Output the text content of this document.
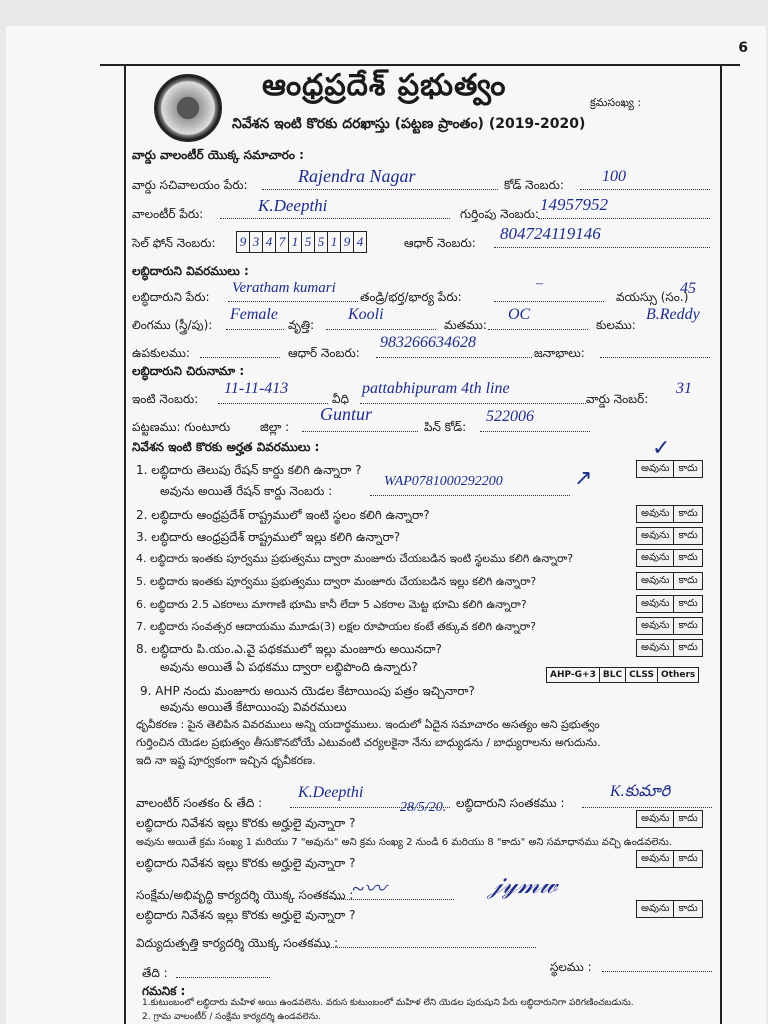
6
ఆంధ్రప్రదేశ్ ప్రభుత్వం	క్రమసంఖ్య :
నివేశన ఇంటి కొరకు దరఖాస్తు (పట్టణ ప్రాంతం) (2019-2020)
వార్డు వాలంటీర్ యొక్క సమాచారం :
వార్డు సచివాలయం పేరు:	Rajendra Nagar	కోడ్ నెంబరు: 100
వాలంటీర్ పేరు:	K.Deepthi	గుర్తింపు నెంబరు: 14957952
సెల్ ఫోన్ నెంబరు: 9 3 4 7 1 5 5 1 9 4	ఆధార్ నెంబరు: 804724119146
లబ్ధిదారుని వివరములు :
లబ్ధిదారుని పేరు:
Veratham kumari
తండ్రి/భర్త/భార్య పేరు:
–
వయస్సు (సం.)
45
లింగము (స్త్రీ/పు):
Female
వృత్తి:
Kooli
మతము:
OC
కులము:
B.Reddy
ఉపకులము:	ఆధార్ నెంబరు:
983266634628
జనాభాలు:
లబ్ధిదారుని చిరునామా :
ఇంటి నెంబరు:
11-11-413
వీధి
pattabhipuram 4th line
వార్డు నెంబర్:
31
పట్టణము: గుంటూరు జిల్లా :
Guntur
పిన్ కోడ్:
522006
నివేశన ఇంటి కొరకు అర్హత వివరములు :
1. లబ్ధిదారు తెలుపు రేషన్ కార్డు కలిగి ఉన్నారా ?	అవును కాదు
✓
అవును అయితే రేషన్ కార్డు నెంబరు :
WAP0781000292200	↗
2. లబ్ధిదారు ఆంధ్రప్రదేశ్ రాష్ట్రములో ఇంటి స్థలం కలిగి ఉన్నారా?	అవును కాదు
3. లబ్ధిదారు ఆంధ్రప్రదేశ్ రాష్ట్రములో ఇల్లు కలిగి ఉన్నారా?	అవును కాదు
4. లబ్ధిదారు ఇంతకు పూర్వము ప్రభుత్వము ద్వారా మంజూరు చేయబడిన ఇంటి స్థలము కలిగి ఉన్నారా?	అవును కాదు
5. లబ్ధిదారు ఇంతకు పూర్వము ప్రభుత్వము ద్వారా మంజూరు చేయబడిన ఇల్లు కలిగి ఉన్నారా?	అవును కాదు
6. లబ్ధిదారు 2.5 ఎకరాలు మాగాణి భూమి కానీ లేదా 5 ఎకరాల మెట్ట భూమి కలిగి ఉన్నారా?	అవును కాదు
7. లబ్ధిదారు సంవత్సర ఆదాయము మూడు(3) లక్షల రూపాయల కంటే తక్కువ కలిగి ఉన్నారా?	అవును కాదు
8. లబ్ధిదారు పి.యం.ఎ.వై పథకములో ఇల్లు మంజూరు అయినదా?	అవును కాదు
అవును అయితే ఏ పథకము ద్వారా లబ్ధిపొంది ఉన్నారు?
9. AHP నందు మంజూరు అయిన యెడల కేటాయింపు పత్రం ఇచ్చినారా?
AHP-G+3 BLC CLSS Others
అవును అయితే కేటాయింపు వివరములు
ధృవీకరణ : పైన తెలిపిన వివరములు అన్ని యదార్థములు. ఇందులో ఏదైన సమాచారం అసత్యం అని ప్రభుత్వం
గుర్తించిన యెడల ప్రభుత్వం తీసుకొనబోయే ఎటువంటి చర్యలకైనా నేను బాధ్యుడను / బాధ్యురాలను అగుదును.
ఇది నా ఇష్ట పూర్వకంగా ఇచ్చిన ధృవీకరణ.
వాలంటీర్ సంతకం & తేది :
K.Deepthi
28/5/20. లబ్ధిదారుని సంతకము :
K.కుమారి
లబ్ధిదారు నివేశన ఇల్లు కొరకు అర్హులై వున్నారా ?	అవును కాదు
అవును అయితే క్రమ సంఖ్య 1 మరియు 7 "అవును" అని క్రమ సంఖ్య 2 నుండి 6 మరియు 8 "కాదు" అని సమాధానము వచ్చి ఉండవలెను.
లబ్ధిదారు నివేశన ఇల్లు కొరకు అర్హులై వున్నారా ?	అవును కాదు
సంక్షేమ/అభివృద్ధి కార్యదర్శి యొక్క సంతకము :
~〰	𝒿𝓎𝓂𝓌
లబ్ధిదారు నివేశన ఇల్లు కొరకు అర్హులై వున్నారా ?	అవును కాదు
విద్యుదుత్పత్తి కార్యదర్శి యొక్క సంతకము :
తేది :	స్థలము :
గమనిక :
1.కుటుంబంలో లబ్ధిదారు మహిళ అయి ఉండవలెను. వరుస కుటుంబంలో మహిళ లేని యెడల పురుషుని పేరు లబ్ధిదారునిగా పరిగణించబడును.
2. గ్రామ వాలంటీర్ / సంక్షేమ కార్యదర్శి ఉండవలెను.
